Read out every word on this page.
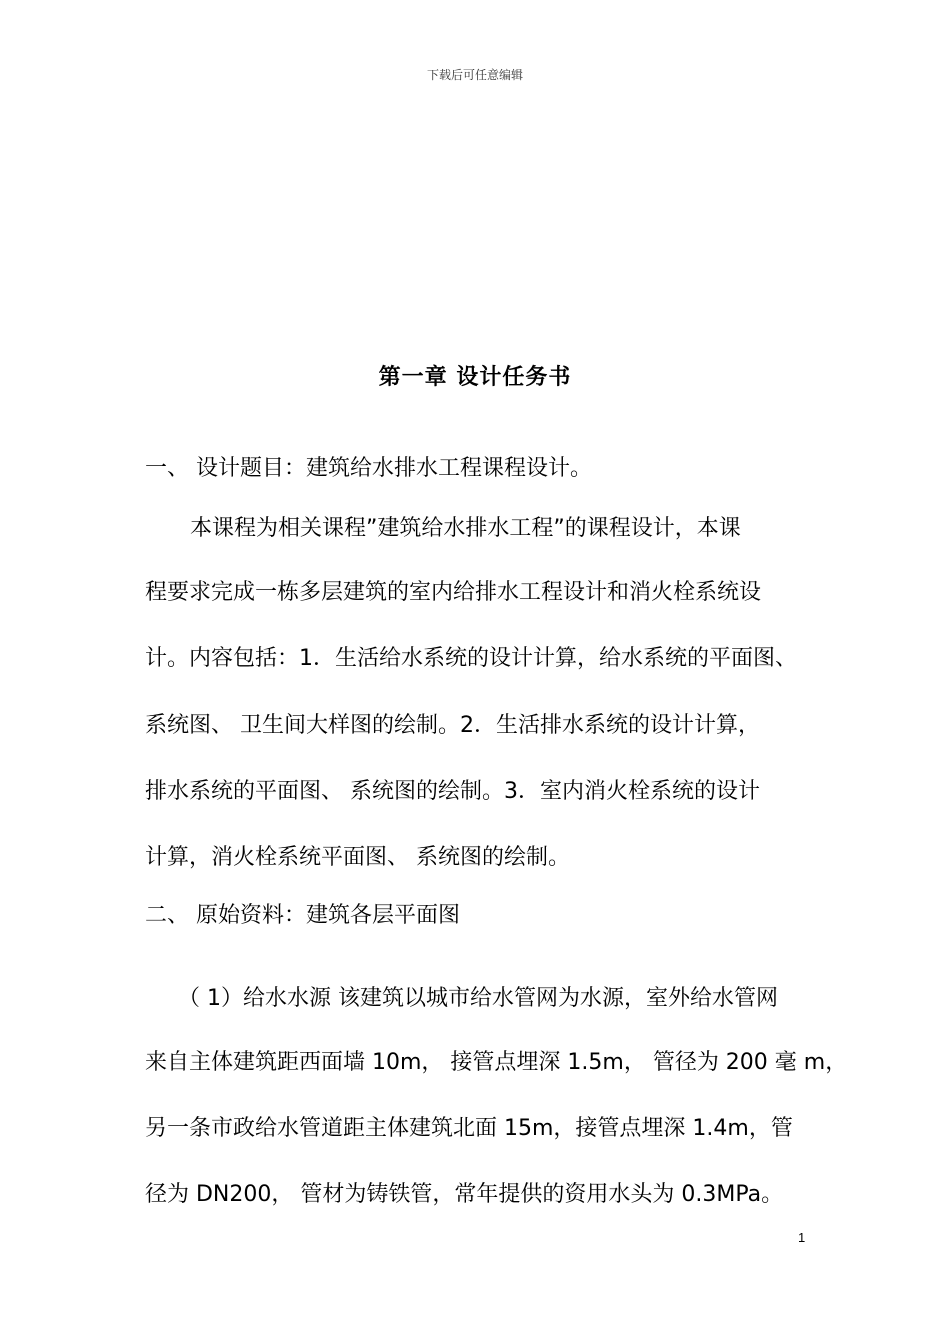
下载后可任意编辑
第一章 设计任务书
一、 设计题目：建筑给水排水工程课程设计。
本课程为相关课程”建筑给水排水工程”的课程设计，本课
程要求完成一栋多层建筑的室内给排水工程设计和消火栓系统设
计。内容包括：1．生活给水系统的设计计算，给水系统的平面图、
系统图、 卫生间大样图的绘制。2．生活排水系统的设计计算，
排水系统的平面图、 系统图的绘制。3．室内消火栓系统的设计
计算，消火栓系统平面图、 系统图的绘制。
二、 原始资料：建筑各层平面图
（ 1）给水水源 该建筑以城市给水管网为水源，室外给水管网
来自主体建筑距西面墙 10m， 接管点埋深 1.5m， 管径为 200 毫 m，
另一条市政给水管道距主体建筑北面 15m，接管点埋深 1.4m，管
径为 DN200， 管材为铸铁管，常年提供的资用水头为 0.3MPa。
1
